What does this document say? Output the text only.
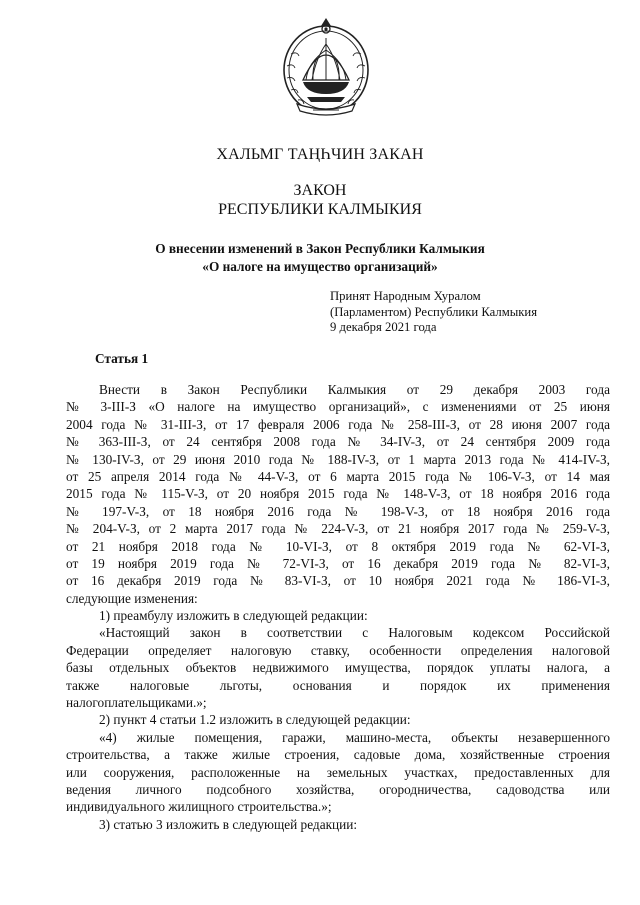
ХАЛЬМГ ТАҢҺЧИН ЗАКАН
ЗАКОН
РЕСПУБЛИКИ КАЛМЫКИЯ
О внесении изменений в Закон Республики Калмыкия
«О налоге на имущество организаций»
Принят Народным Хуралом
(Парламентом) Республики Калмыкия
9 декабря 2021 года
Статья 1
Внести в Закон Республики Калмыкия от 29 декабря 2003 года
№ 3-III-З «О налоге на имущество организаций», с изменениями от 25 июня
2004 года № 31-III-З, от 17 февраля 2006 года № 258-III-З, от 28 июня 2007 года
№ 363-III-З, от 24 сентября 2008 года № 34-IV-З, от 24 сентября 2009 года
№ 130-IV-З, от 29 июня 2010 года № 188-IV-З, от 1 марта 2013 года № 414-IV-З,
от 25 апреля 2014 года № 44-V-З, от 6 марта 2015 года № 106-V-З, от 14 мая
2015 года № 115-V-З, от 20 ноября 2015 года № 148-V-З, от 18 ноября 2016 года
№ 197-V-З, от 18 ноября 2016 года № 198-V-З, от 18 ноября 2016 года
№ 204-V-З, от 2 марта 2017 года № 224-V-З, от 21 ноября 2017 года № 259-V-З,
от 21 ноября 2018 года № 10-VI-З, от 8 октября 2019 года № 62-VI-З,
от 19 ноября 2019 года № 72-VI-З, от 16 декабря 2019 года № 82-VI-З,
от 16 декабря 2019 года № 83-VI-З, от 10 ноября 2021 года № 186-VI-З,
следующие изменения:
1) преамбулу изложить в следующей редакции:
«Настоящий закон в соответствии с Налоговым кодексом Российской
Федерации определяет налоговую ставку, особенности определения налоговой
базы отдельных объектов недвижимого имущества, порядок уплаты налога, а
также налоговые льготы, основания и порядок их применения
налогоплательщиками.»;
2) пункт 4 статьи 1.2 изложить в следующей редакции:
«4) жилые помещения, гаражи, машино-места, объекты незавершенного
строительства, а также жилые строения, садовые дома, хозяйственные строения
или сооружения, расположенные на земельных участках, предоставленных для
ведения личного подсобного хозяйства, огородничества, садоводства или
индивидуального жилищного строительства.»;
3) статью 3 изложить в следующей редакции:
